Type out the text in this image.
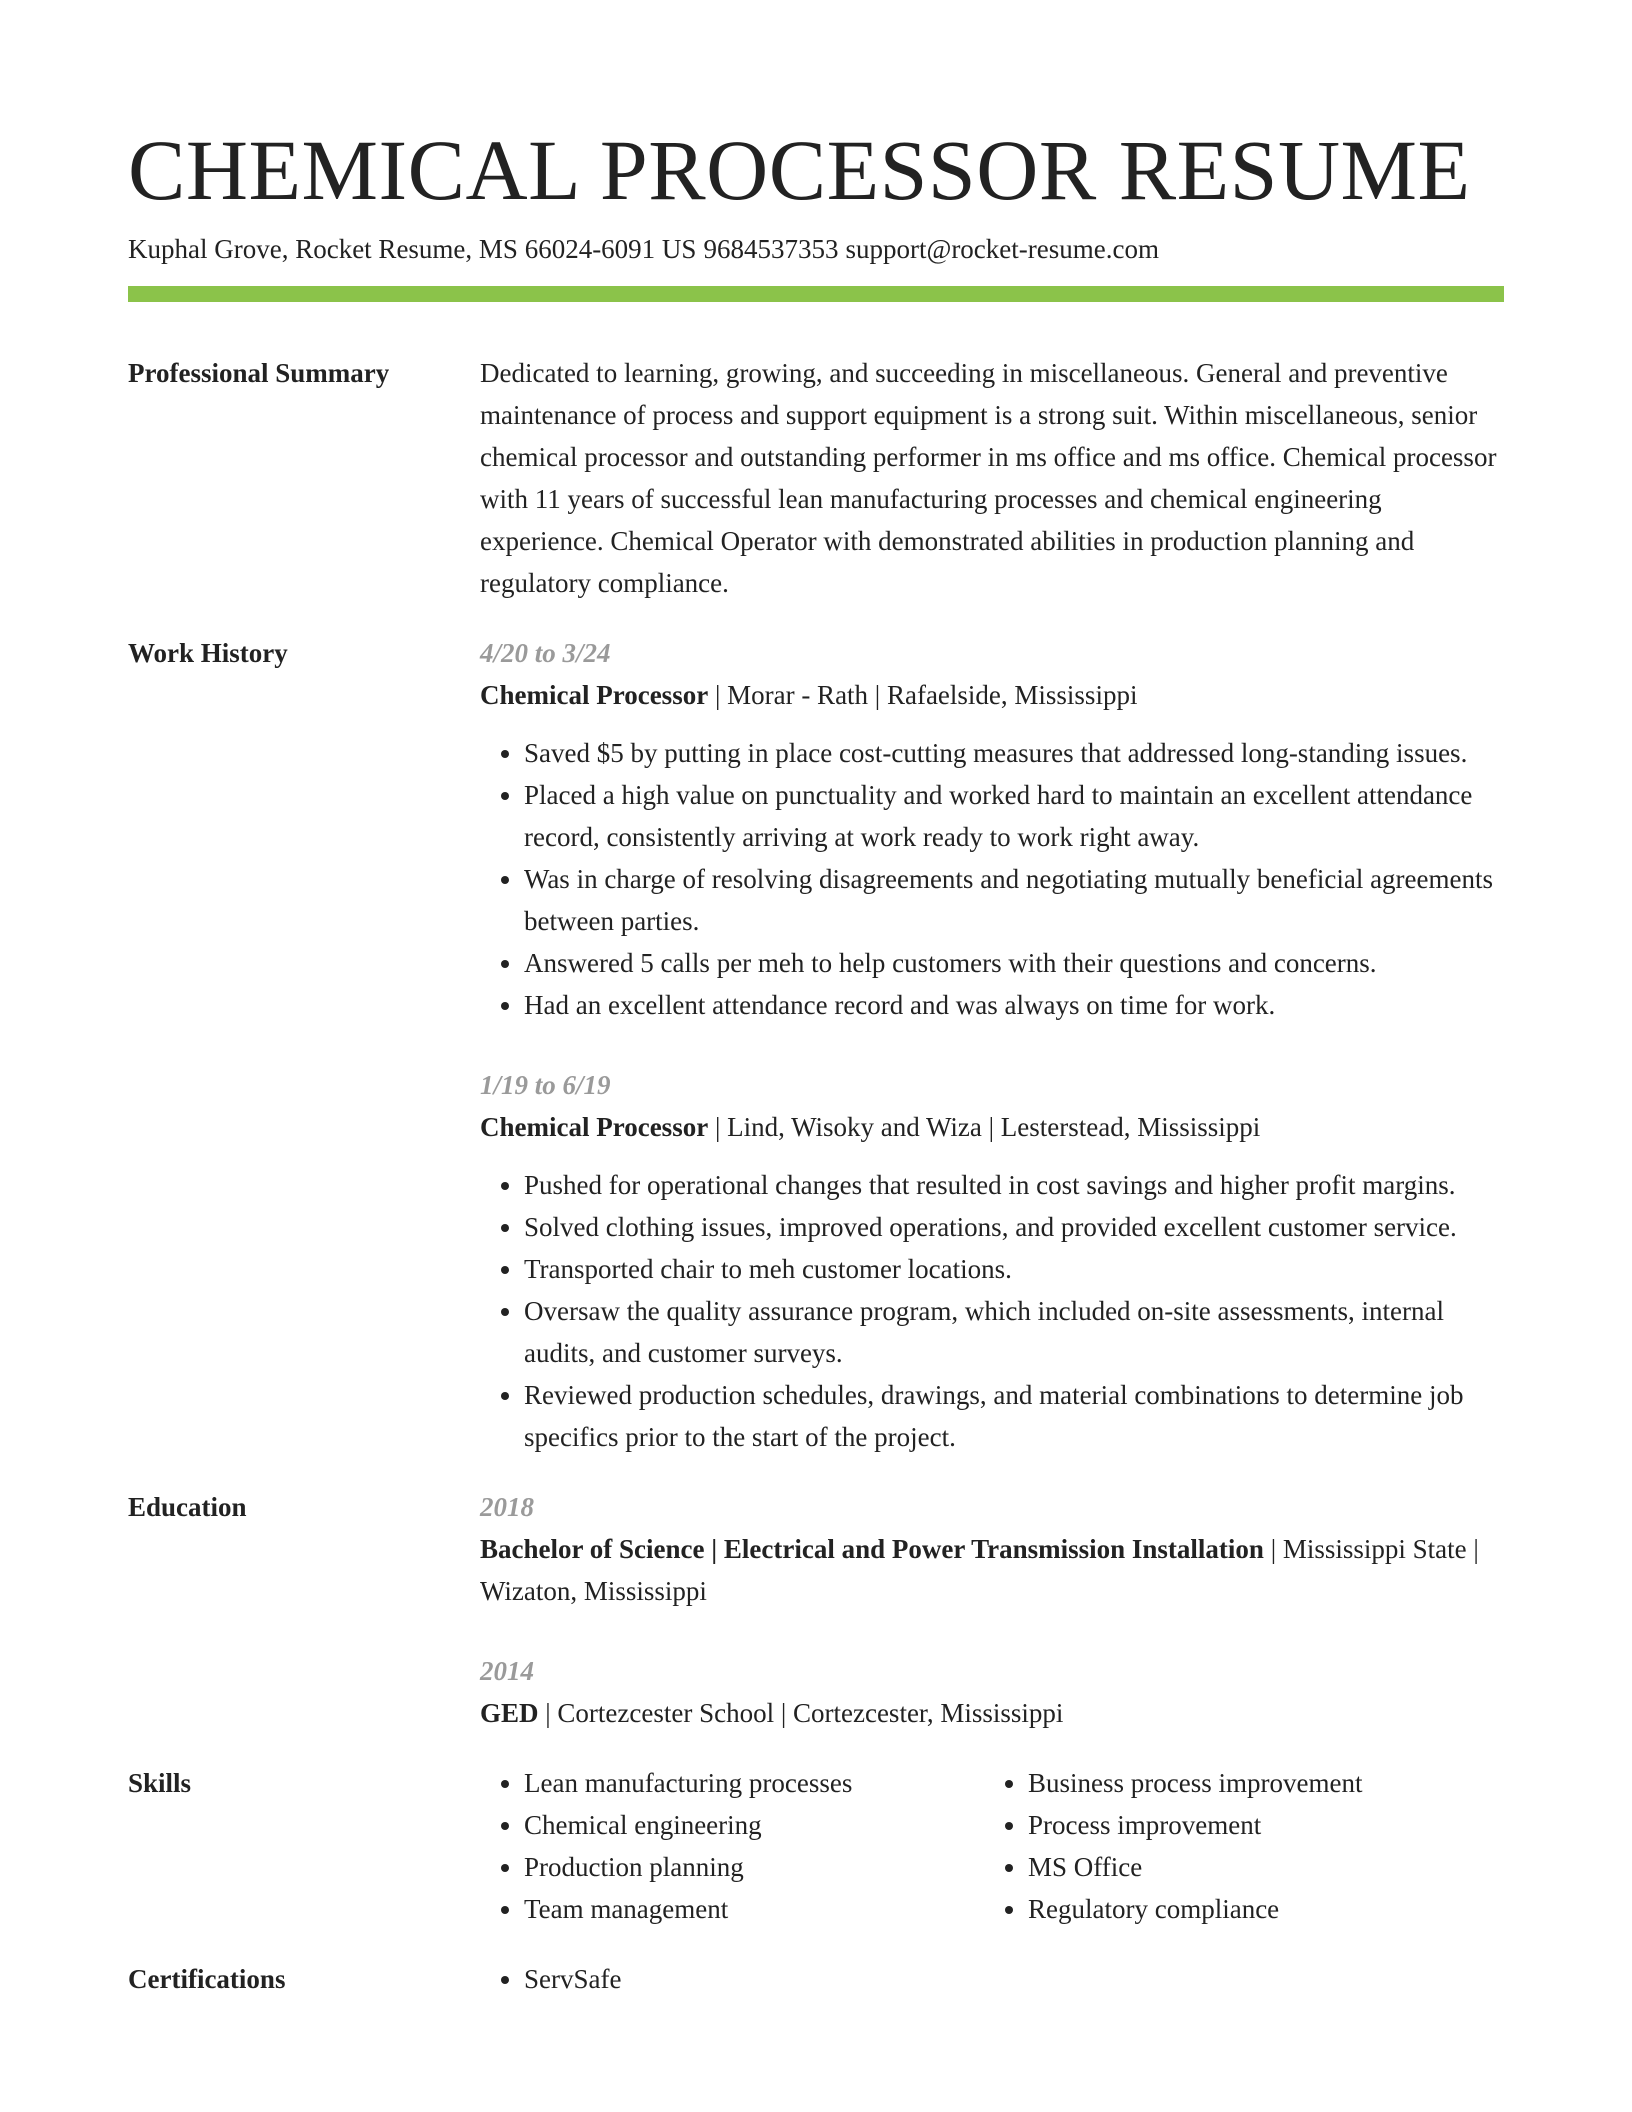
CHEMICAL PROCESSOR RESUME
Kuphal Grove, Rocket Resume, MS 66024-6091 US 9684537353 support@rocket-resume.com
Professional Summary	Dedicated to learning, growing, and succeeding in miscellaneous. General and preventive maintenance of process and support equipment is a strong suit. Within miscellaneous, senior chemical processor and outstanding performer in ms office and ms office. Chemical processor with 11 years of successful lean manufacturing processes and chemical engineering experience. Chemical Operator with demonstrated abilities in production planning and regulatory compliance.

Work History	4/20 to 3/24
Chemical Processor | Morar - Rath | Rafaelside, Mississippi
• Saved $5 by putting in place cost-cutting measures that addressed long-standing issues.
• Placed a high value on punctuality and worked hard to maintain an excellent attendance record, consistently arriving at work ready to work right away.
• Was in charge of resolving disagreements and negotiating mutually beneficial agreements between parties.
• Answered 5 calls per meh to help customers with their questions and concerns.
• Had an excellent attendance record and was always on time for work.
1/19 to 6/19
Chemical Processor | Lind, Wisoky and Wiza | Lesterstead, Mississippi
• Pushed for operational changes that resulted in cost savings and higher profit margins.
• Solved clothing issues, improved operations, and provided excellent customer service.
• Transported chair to meh customer locations.
• Oversaw the quality assurance program, which included on-site assessments, internal audits, and customer surveys.
• Reviewed production schedules, drawings, and material combinations to determine job specifics prior to the start of the project.
Education	2018
Bachelor of Science | Electrical and Power Transmission Installation | Mississippi State | Wizaton, Mississippi
2014
GED | Cortezcester School | Cortezcester, Mississippi
Skills	• Lean manufacturing processes
• Chemical engineering
• Production planning
• Team management
• Business process improvement
• Process improvement
• MS Office
• Regulatory compliance
Certifications	• ServSafe
